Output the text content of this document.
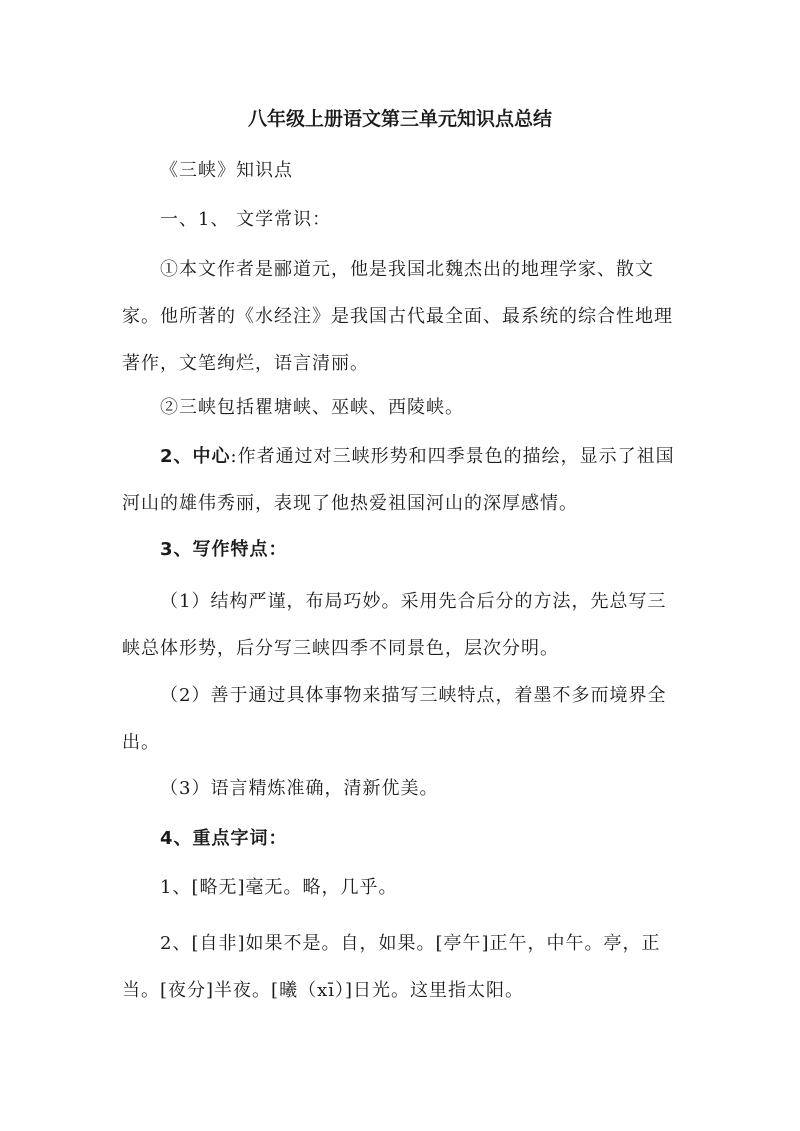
八年级上册语文第三单元知识点总结

《三峡》知识点

一、1、 文学常识：

①本文作者是郦道元，他是我国北魏杰出的地理学家、散文家。他所著的《水经注》是我国古代最全面、最系统的综合性地理著作，文笔绚烂，语言清丽。

②三峡包括瞿塘峡、巫峡、西陵峡。

2、中心:作者通过对三峡形势和四季景色的描绘，显示了祖国河山的雄伟秀丽，表现了他热爱祖国河山的深厚感情。

3、写作特点：

（1）结构严谨，布局巧妙。采用先合后分的方法，先总写三峡总体形势，后分写三峡四季不同景色，层次分明。

（2）善于通过具体事物来描写三峡特点，着墨不多而境界全出。

（3）语言精炼准确，清新优美。

4、重点字词：

1、[略无]毫无。略，几乎。

2、[自非]如果不是。自，如果。[亭午]正午，中午。亭，正当。[夜分]半夜。[曦（xī）]日光。这里指太阳。
